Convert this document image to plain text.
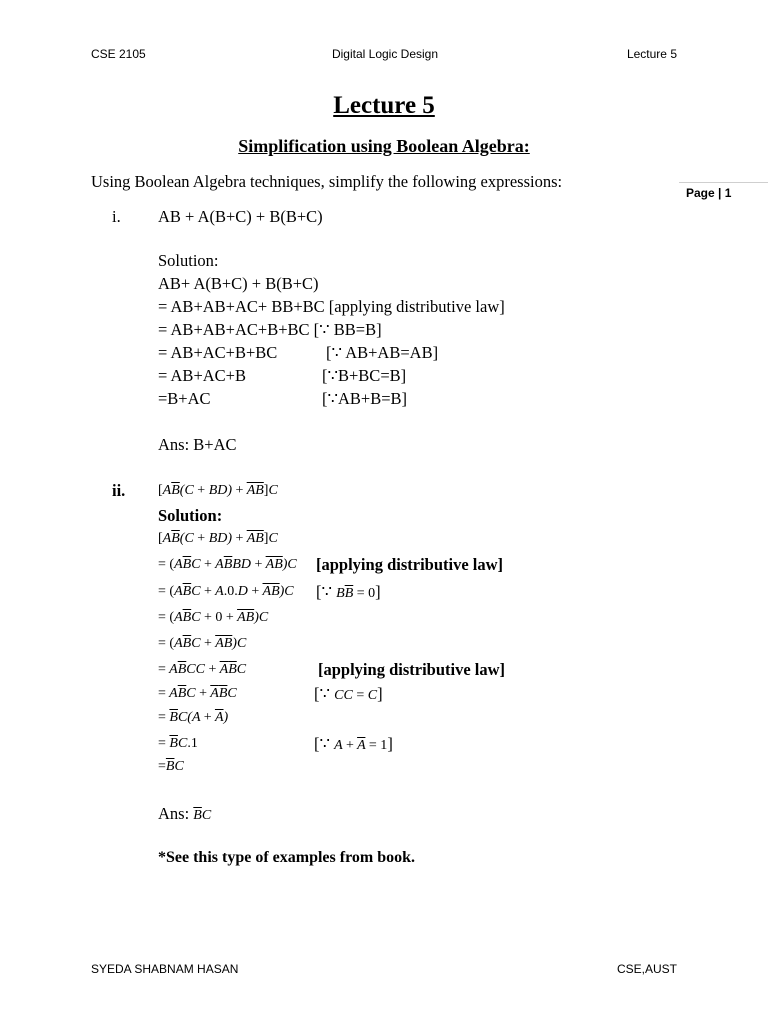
CSE 2105	Digital Logic Design	Lecture 5
Page | 1
Lecture 5
Simplification using Boolean Algebra:
Using Boolean Algebra techniques, simplify the following expressions:
i. AB + A(B+C) + B(B+C)
Solution:
AB+ A(B+C) + B(B+C)
= AB+AB+AC+ BB+BC [applying distributive law]
= AB+AB+AC+B+BC [∵ BB=B]
= AB+AC+B+BC	[∵ AB+AB=AB]
= AB+AC+B	[∵B+BC=B]
=B+AC	[∵AB+B=B]
Ans: B+AC
ii. $[A\overline{B}(C + BD) + \overline{AB}]C$
Solution:
$[A\overline{B}(C + BD) + \overline{AB}]C$
= $(A\overline{B}C + A\overline{B}BD + \overline{AB})C$ [applying distributive law]
= $(A\overline{B}C + A.0.D + \overline{AB})C$ [∵ $B\overline{B} = 0$]
= $(A\overline{B}C + 0 + \overline{AB})C$
= $(A\overline{B}C + \overline{AB})C$
= $A\overline{B}CC + \overline{A}\overline{B}C$	[applying distributive law]
= $A\overline{B}C + \overline{A}\overline{B}C$	[∵ CC = C]
= $\overline{B}C(A + \overline{A})$
= $\overline{B}C.1$	[∵ $A + \overline{A} = 1$]
$=\overline{B}C$
Ans: $\overline{B}C$
*See this type of examples from book.
SYEDA SHABNAM HASAN	CSE,AUST
